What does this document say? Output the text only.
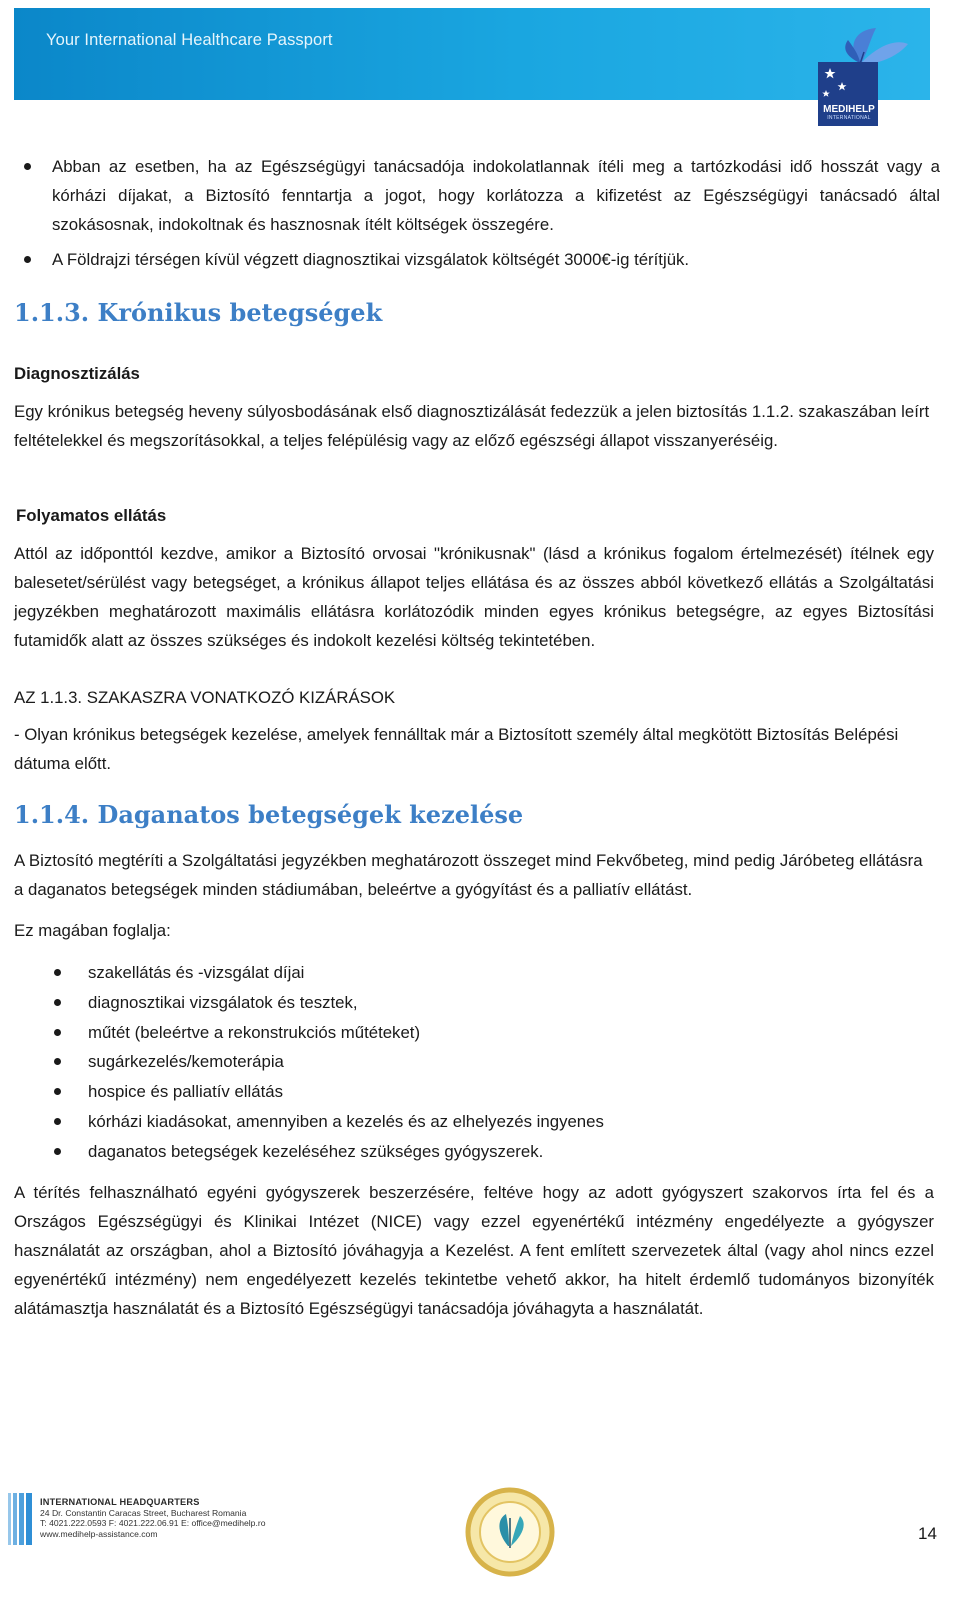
Your International Healthcare Passport
MEDIHELP
INTERNATIONAL
Abban az esetben, ha az Egészségügyi tanácsadója indokolatlannak ítéli meg a tartózkodási idő hosszát vagy a kórházi díjakat, a Biztosító fenntartja a jogot, hogy korlátozza a kifizetést az Egészségügyi tanácsadó által szokásosnak, indokoltnak és hasznosnak ítélt költségek összegére.
A Földrajzi térségen kívül végzett diagnosztikai vizsgálatok költségét 3000€-ig térítjük.
1.1.3. Krónikus betegségek
Diagnosztizálás

Egy krónikus betegség heveny súlyosbodásának első diagnosztizálását fedezzük a jelen biztosítás 1.1.2. szakaszában leírt feltételekkel és megszorításokkal, a teljes felépülésig vagy az előző egészségi állapot visszanyeréséig.

Folyamatos ellátás

Attól az időponttól kezdve, amikor a Biztosító orvosai "krónikusnak" (lásd a krónikus fogalom értelmezését) ítélnek egy balesetet/sérülést vagy betegséget, a krónikus állapot teljes ellátása és az összes abból következő ellátás a Szolgáltatási jegyzékben meghatározott maximális ellátásra korlátozódik minden egyes krónikus betegségre, az egyes Biztosítási futamidők alatt az összes szükséges és indokolt kezelési költség tekintetében.

AZ 1.1.3. SZAKASZRA VONATKOZÓ KIZÁRÁSOK

- Olyan krónikus betegségek kezelése, amelyek fennálltak már a Biztosított személy által megkötött Biztosítás Belépési dátuma előtt.

1.1.4. Daganatos betegségek kezelése

A Biztosító megtéríti a Szolgáltatási jegyzékben meghatározott összeget mind Fekvőbeteg, mind pedig Járóbeteg ellátásra a daganatos betegségek minden stádiumában, beleértve a gyógyítást és a palliatív ellátást.

Ez magában foglalja:
szakellátás és -vizsgálat díjai
diagnosztikai vizsgálatok és tesztek,
műtét (beleértve a rekonstrukciós műtéteket)
sugárkezelés/kemoterápia
hospice és palliatív ellátás
kórházi kiadásokat, amennyiben a kezelés és az elhelyezés ingyenes
daganatos betegségek kezeléséhez szükséges gyógyszerek.

A térítés felhasználható egyéni gyógyszerek beszerzésére, feltéve hogy az adott gyógyszert szakorvos írta fel és a Országos Egészségügyi és Klinikai Intézet (NICE) vagy ezzel egyenértékű intézmény engedélyezte a gyógyszer használatát az országban, ahol a Biztosító jóváhagyja a Kezelést. A fent említett szervezetek által (vagy ahol nincs ezzel egyenértékű intézmény) nem engedélyezett kezelés tekintetbe vehető akkor, ha hitelt érdemlő tudományos bizonyíték alátámasztja használatát és a Biztosító Egészségügyi tanácsadója jóváhagyta a használatát.

INTERNATIONAL HEADQUARTERS
24 Dr. Constantin Caracas Street, Bucharest Romania
T: 4021.222.0593 F: 4021.222.06.91 E: office@medihelp.ro
www.medihelp-assistance.com	14
